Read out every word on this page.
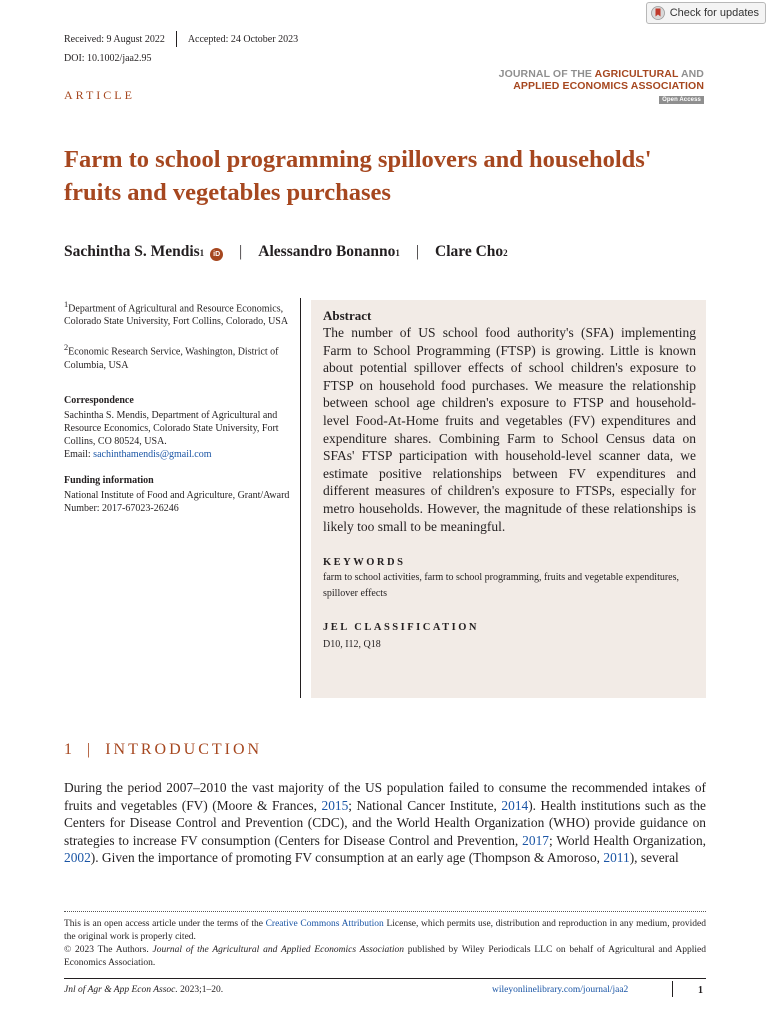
Received: 9 August 2022 Accepted: 24 October 2023
DOI: 10.1002/jaa2.95
Check for updates
JOURNAL OF THE AGRICULTURAL AND
APPLIED ECONOMICS ASSOCIATION
Open Access
ARTICLE
Farm to school programming spillovers and households' fruits and vegetables purchases
Sachintha S. Mendis 1	iD | Alessandro Bonanno 1 | Clare Cho 2
$^1$Department of Agricultural and Resource Economics, Colorado State University, Fort Collins, Colorado, USA
$^2$Economic Research Service, Washington, District of Columbia, USA

Correspondence

Sachintha S. Mendis, Department of Agricultural and Resource Economics, Colorado State University, Fort Collins, CO 80524, USA.
Email: sachinthamendis@gmail.com

Funding information

National Institute of Food and Agriculture, Grant/Award Number: 2017-67023-26246

Abstract

The number of US school food authority's (SFA) implementing Farm to School Programming (FTSP) is growing. Little is known about potential spillover effects of school children's exposure to FTSP on household food purchases. We measure the relationship between school age children's exposure to FTSP and household-level Food-At-Home fruits and vegetables (FV) expenditures and expenditure shares. Combining Farm to School Census data on SFAs' FTSP participation with household-level scanner data, we estimate positive relationships between FV expenditures and different measures of children's exposure to FTSPs, especially for metro households. However, the magnitude of these relationships is likely too small to be meaningful.

KEYWORDS
farm to school activities, farm to school programming, fruits and vegetable expenditures, spillover effects
JEL CLASSIFICATION
D10, I12, Q18
1 | INTRODUCTION

During the period 2007–2010 the vast majority of the US population failed to consume the recommended intakes of fruits and vegetables (FV) (Moore & Frances, 2015; National Cancer Institute, 2014). Health institutions such as the Centers for Disease Control and Prevention (CDC), and the World Health Organization (WHO) provide guidance on strategies to increase FV consumption (Centers for Disease Control and Prevention, 2017; World Health Organization, 2002). Given the importance of promoting FV consumption at an early age (Thompson & Amoroso, 2011), several

This is an open access article under the terms of the Creative Commons Attribution License, which permits use, distribution and reproduction in any medium, provided the original work is properly cited.
© 2023 The Authors. Journal of the Agricultural and Applied Economics Association published by Wiley Periodicals LLC on behalf of Agricultural and Applied Economics Association.

Jnl of Agr & App Econ Assoc. 2023;1–20.	wileyonlinelibrary.com/journal/jaa2	1
